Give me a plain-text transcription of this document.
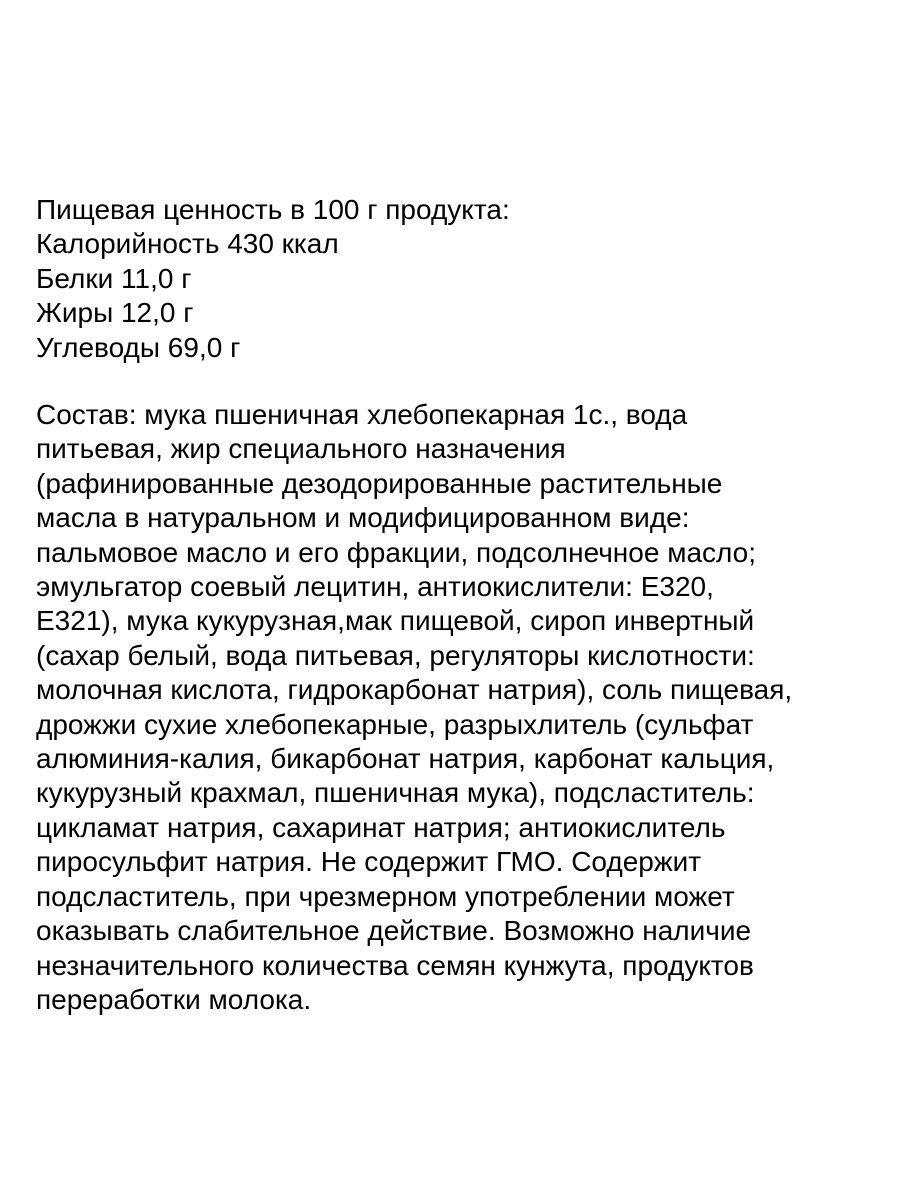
Пищевая ценность в 100 г продукта:
Калорийность 430 ккал
Белки 11,0 г
Жиры 12,0 г
Углеводы 69,0 г
Состав: мука пшеничная хлебопекарная 1с., вода
питьевая, жир специального назначения
(рафинированные дезодорированные растительные
масла в натуральном и модифицированном виде:
пальмовое масло и его фракции, подсолнечное масло;
эмульгатор соевый лецитин, антиокислители: Е320,
Е321), мука кукурузная,мак пищевой, сироп инвертный
(сахар белый, вода питьевая, регуляторы кислотности:
молочная кислота, гидрокарбонат натрия), соль пищевая,
дрожжи сухие хлебопекарные, разрыхлитель (сульфат
алюминия-калия, бикарбонат натрия, карбонат кальция,
кукурузный крахмал, пшеничная мука), подсластитель:
цикламат натрия, сахаринат натрия; антиокислитель
пиросульфит натрия. Не содержит ГМО. Содержит
подсластитель, при чрезмерном употреблении может
оказывать слабительное действие. Возможно наличие
незначительного количества семян кунжута, продуктов
переработки молока.
